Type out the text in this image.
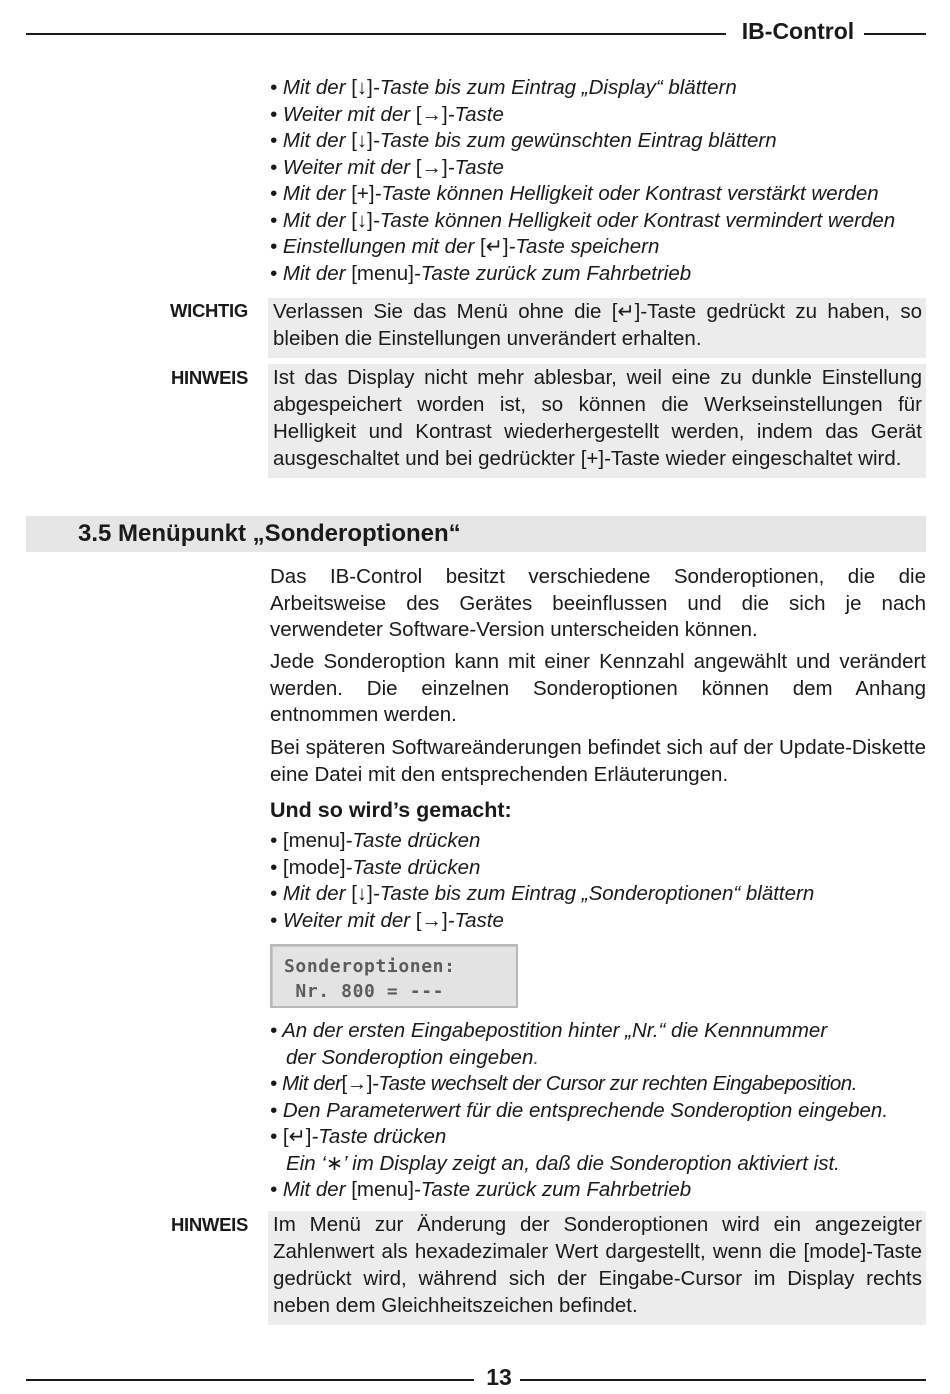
IB-Control
• Mit der [↓]-Taste bis zum Eintrag „Display“ blättern
• Weiter mit der [→]-Taste
• Mit der [↓]-Taste bis zum gewünschten Eintrag blättern
• Weiter mit der [→]-Taste
• Mit der [+]-Taste können Helligkeit oder Kontrast verstärkt werden
• Mit der [↓]-Taste können Helligkeit oder Kontrast vermindert werden
• Einstellungen mit der [↵]-Taste speichern
• Mit der [menu]-Taste zurück zum Fahrbetrieb
WICHTIG Verlassen Sie das Menü ohne die [↵]-Taste gedrückt zu haben, so bleiben die Einstellungen unverändert erhalten.
HINWEIS Ist das Display nicht mehr ablesbar, weil eine zu dunkle Einstellung abgespeichert worden ist, so können die Werkseinstellungen für Helligkeit und Kontrast wiederhergestellt werden, indem das Gerät ausgeschaltet und bei gedrückter [+]-Taste wieder eingeschaltet wird.
3.5 Menüpunkt „Sonderoptionen“
Das IB-Control besitzt verschiedene Sonderoptionen, die die Arbeitsweise des Gerätes beeinflussen und die sich je nach verwendeter Software-Version unterscheiden können.
Jede Sonderoption kann mit einer Kennzahl angewählt und verändert werden. Die einzelnen Sonderoptionen können dem Anhang entnommen werden.
Bei späteren Softwareänderungen befindet sich auf der Update-Diskette eine Datei mit den entsprechenden Erläuterungen.
Und so wird’s gemacht:
• [menu]-Taste drücken
• [mode]-Taste drücken
• Mit der [↓]-Taste bis zum Eintrag „Sonderoptionen“ blättern
• Weiter mit der [→]-Taste
Sonderoptionen:
Nr. 800 = ---
• An der ersten Eingabepostition hinter „Nr.“ die Kennnummer
der Sonderoption eingeben.
• Mit der[→]-Taste wechselt der Cursor zur rechten Eingabeposition.
• Den Parameterwert für die entsprechende Sonderoption eingeben.
• [↵]-Taste drücken
Ein ‘∗’ im Display zeigt an, daß die Sonderoption aktiviert ist.
• Mit der [menu]-Taste zurück zum Fahrbetrieb
HINWEIS Im Menü zur Änderung der Sonderoptionen wird ein angezeigter Zahlenwert als hexadezimaler Wert dargestellt, wenn die [mode]-Taste gedrückt wird, während sich der Eingabe-Cursor im Display rechts neben dem Gleichheitszeichen befindet.
13
